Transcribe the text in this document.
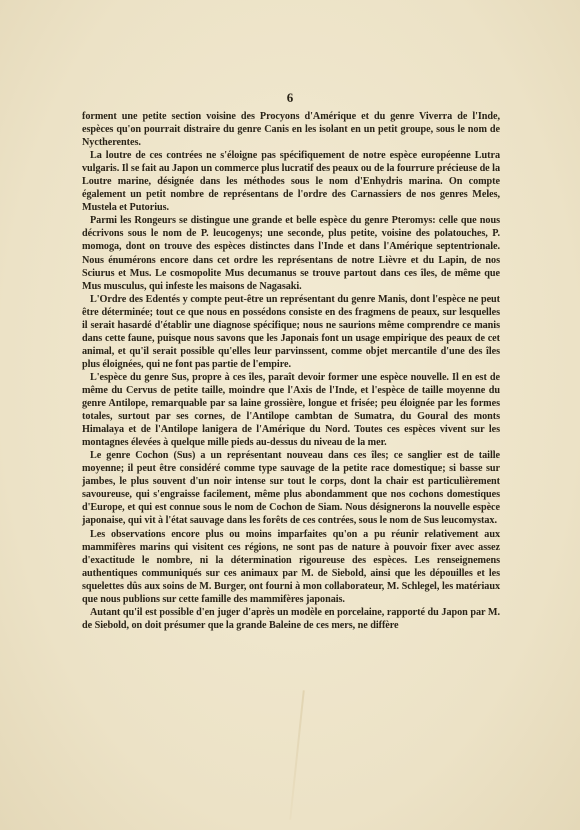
6

forment une petite section voisine des Procyons d'Amérique et du genre Viverra de l'Inde, espèces qu'on pourrait distraire du genre Canis en les isolant en un petit groupe, sous le nom de Nyctherentes.

La loutre de ces contrées ne s'éloigne pas spécifiquement de notre espèce européenne Lutra vulgaris. Il se fait au Japon un commerce plus lucratif des peaux ou de la fourrure précieuse de la Loutre marine, désignée dans les méthodes sous le nom d'Enhydris marina. On compte également un petit nombre de représentans de l'ordre des Carnassiers de nos genres Meles, Mustela et Putorius.

Parmi les Rongeurs se distingue une grande et belle espèce du genre Pteromys: celle que nous décrivons sous le nom de P. leucogenys; une seconde, plus petite, voisine des polatouches, P. momoga, dont on trouve des espèces distinctes dans l'Inde et dans l'Amérique septentrionale. Nous énumérons encore dans cet ordre les représentans de notre Lièvre et du Lapin, de nos Sciurus et Mus. Le cosmopolite Mus decumanus se trouve partout dans ces îles, de même que Mus musculus, qui infeste les maisons de Nagasaki.

L'Ordre des Edentés y compte peut-être un représentant du genre Manis, dont l'espèce ne peut être déterminée; tout ce que nous en possédons consiste en des fragmens de peaux, sur lesquelles il serait hasardé d'établir une diagnose spécifique; nous ne saurions même comprendre ce manis dans cette faune, puisque nous savons que les Japonais font un usage empirique des peaux de cet animal, et qu'il serait possible qu'elles leur parvinssent, comme objet mercantile d'une des îles plus éloignées, qui ne font pas partie de l'empire.

L'espèce du genre Sus, propre à ces îles, paraît devoir former une espèce nouvelle. Il en est de même du Cervus de petite taille, moindre que l'Axis de l'Inde, et l'espèce de taille moyenne du genre Antilope, remarquable par sa laine grossière, longue et frisée; peu éloignée par les formes totales, surtout par ses cornes, de l'Antilope cambtan de Sumatra, du Goural des monts Himalaya et de l'Antilope lanigera de l'Amérique du Nord. Toutes ces espèces vivent sur les montagnes élevées à quelque mille pieds au-dessus du niveau de la mer.

Le genre Cochon (Sus) a un représentant nouveau dans ces îles; ce sanglier est de taille moyenne; il peut être considéré comme type sauvage de la petite race domestique; si basse sur jambes, le plus souvent d'un noir intense sur tout le corps, dont la chair est particulièrement savoureuse, qui s'engraisse facilement, même plus abondamment que nos cochons domestiques d'Europe, et qui est connue sous le nom de Cochon de Siam. Nous désignerons la nouvelle espèce japonaise, qui vit à l'état sauvage dans les forêts de ces contrées, sous le nom de Sus leucomystax.

Les observations encore plus ou moins imparfaites qu'on a pu réunir relativement aux mammifères marins qui visitent ces régions, ne sont pas de nature à pouvoir fixer avec assez d'exactitude le nombre, ni la détermination rigoureuse des espèces. Les renseignemens authentiques communiqués sur ces animaux par M. de Siebold, ainsi que les dépouilles et les squelettes dûs aux soins de M. Burger, ont fourni à mon collaborateur, M. Schlegel, les matériaux que nous publions sur cette famille des mammifères japonais.

Autant qu'il est possible d'en juger d'après un modèle en porcelaine, rapporté du Japon par M. de Siebold, on doit présumer que la grande Baleine de ces mers, ne diffère
